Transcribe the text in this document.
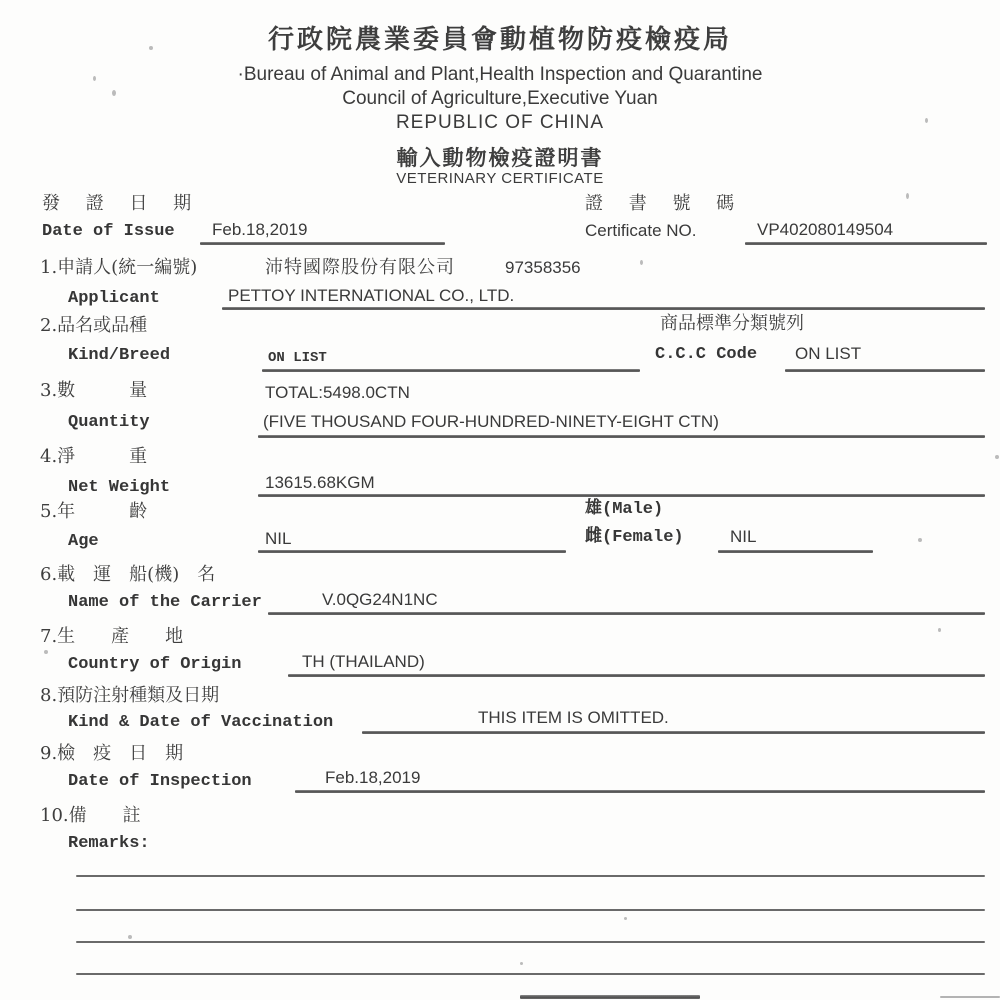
行政院農業委員會動植物防疫檢疫局
·Bureau of Animal and Plant,Health Inspection and Quarantine
Council of Agriculture,Executive Yuan
REPUBLIC OF CHINA
輸入動物檢疫證明書
VETERINARY CERTIFICATE
發 證 日 期
Date of Issue Feb.18,2019
證 書 號 碼
Certificate NO.	VP402080149504
1.申請人(統一編號)	沛特國際股份有限公司	97358356
Applicant	PETTOY INTERNATIONAL CO., LTD.
2.品名或品種	商品標準分類號列
Kind/Breed	ON LIST	C.C.C Code ON LIST
3.數　　　量	TOTAL:5498.0CTN
Quantity	(FIVE THOUSAND FOUR-HUNDRED-NINETY-EIGHT CTN)
4.淨　　　重
Net Weight	13615.68KGM
5.年　　　齡	雄(Male)
Age	NIL	雌(Female)	NIL
6.載　運　船(機)　名
Name of the Carrier	V.0QG24N1NC
7.生　　產　　地
Country of Origin	TH (THAILAND)
8.預防注射種類及日期
Kind & Date of Vaccination	THIS ITEM IS OMITTED.
9.檢　疫　日　期
Date of Inspection	Feb.18,2019
10.備　　註
Remarks:
